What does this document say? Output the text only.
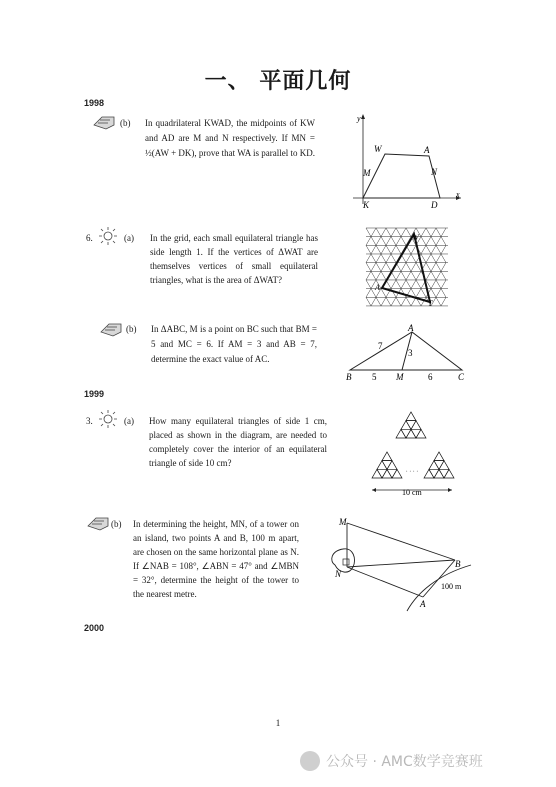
一、 平面几何
1998
(b) In quadrilateral KWAD, the midpoints of KW and AD are M and N respectively. If MN = ½(AW + DK), prove that WA is parallel to KD.
y
x
W	A
M	N
K	D
6.	(a) In the grid, each small equilateral triangle has side length 1. If the vertices of ΔWAT are themselves vertices of small equilateral triangles, what is the area of ΔWAT?
W
A
T
(b) In ΔABC, M is a point on BC such that BM = 5 and MC = 6. If AM = 3 and AB = 7, determine the exact value of AC.
A
B	M	C
7
3
5	6
1999
3.	(a) How many equilateral triangles of side 1 cm, placed as shown in the diagram, are needed to completely cover the interior of an equilateral triangle of side 10 cm?
· · · ·
10 cm
(b) In determining the height, MN, of a tower on an island, two points A and B, 100 m apart, are chosen on the same horizontal plane as N. If ∠NAB = 108°, ∠ABN = 47° and ∠MBN = 32°, determine the height of the tower to the nearest metre.
M
N
B
A
100 m
2000
1
公众号 · AMC数学竞赛班
